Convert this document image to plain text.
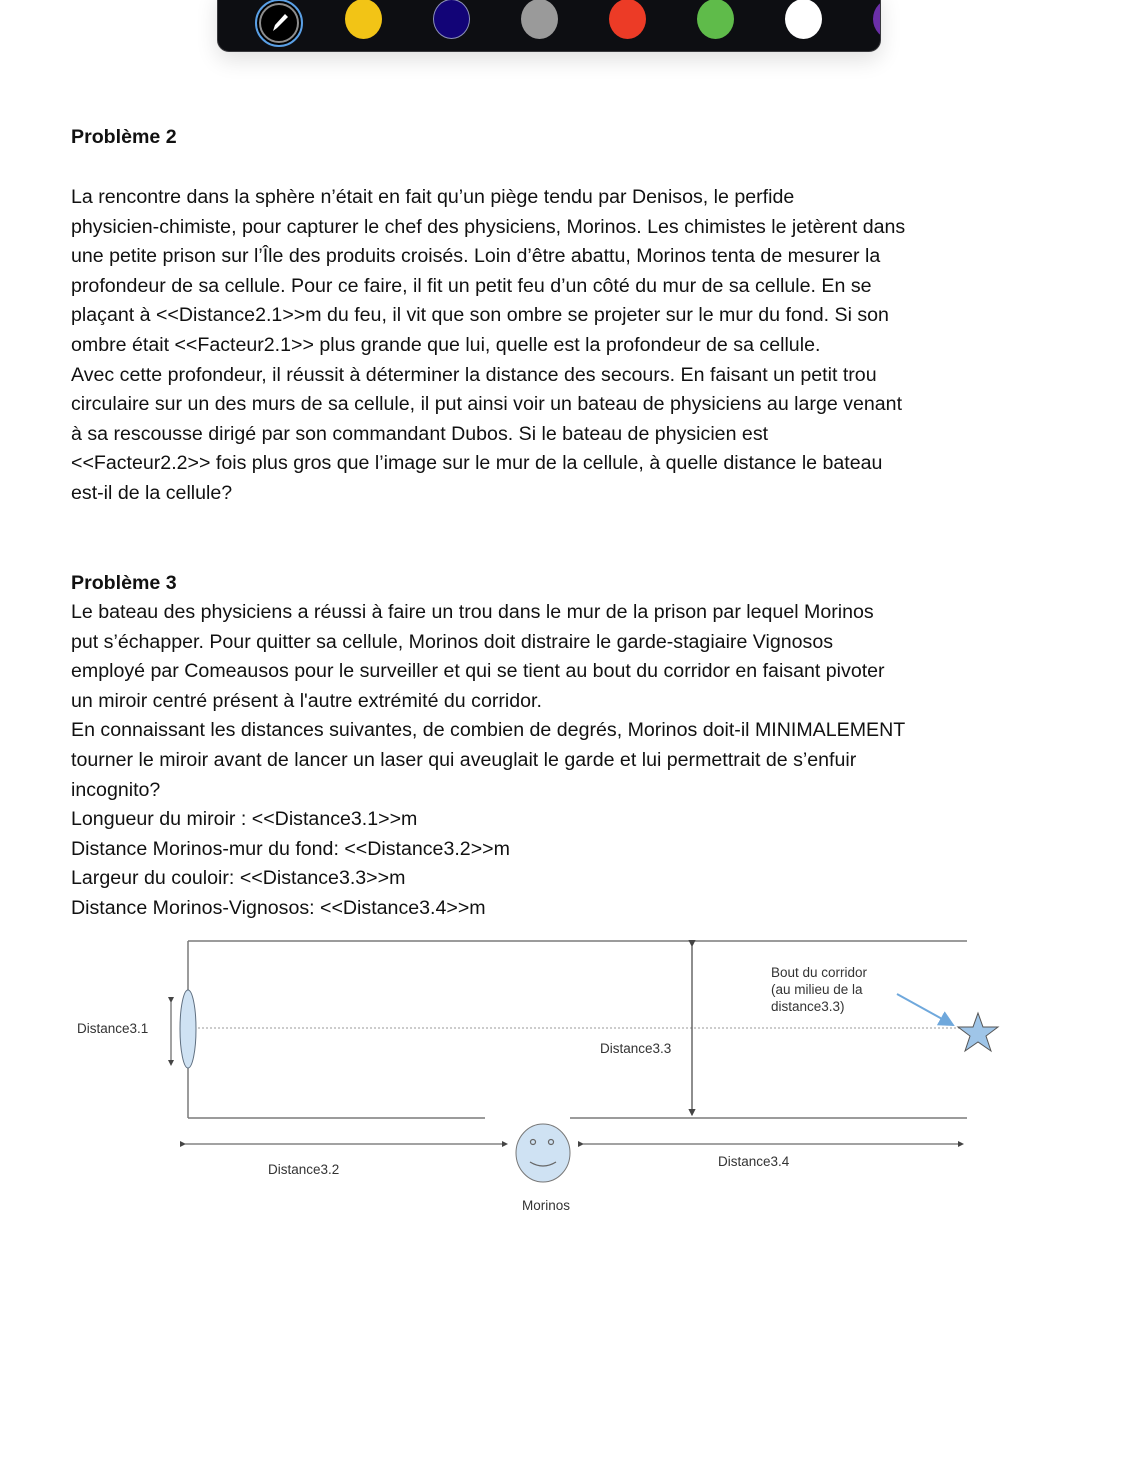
Problème 2

La rencontre dans la sphère n’était en fait qu’un piège tendu par Denisos, le perfide

physicien-chimiste, pour capturer le chef des physiciens, Morinos. Les chimistes le jetèrent dans

une petite prison sur l’Île des produits croisés. Loin d’être abattu, Morinos tenta de mesurer la

profondeur de sa cellule. Pour ce faire, il fit un petit feu d’un côté du mur de sa cellule. En se

plaçant à <<Distance2.1>>m du feu, il vit que son ombre se projeter sur le mur du fond. Si son

ombre était <<Facteur2.1>> plus grande que lui, quelle est la profondeur de sa cellule.

Avec cette profondeur, il réussit à déterminer la distance des secours. En faisant un petit trou

circulaire sur un des murs de sa cellule, il put ainsi voir un bateau de physiciens au large venant

à sa rescousse dirigé par son commandant Dubos. Si le bateau de physicien est

<<Facteur2.2>> fois plus gros que l’image sur le mur de la cellule, à quelle distance le bateau

est-il de la cellule?

Problème 3

Le bateau des physiciens a réussi à faire un trou dans le mur de la prison par lequel Morinos

put s’échapper. Pour quitter sa cellule, Morinos doit distraire le garde-stagiaire Vignosos

employé par Comeausos pour le surveiller et qui se tient au bout du corridor en faisant pivoter

un miroir centré présent à l'autre extrémité du corridor.

En connaissant les distances suivantes, de combien de degrés, Morinos doit-il MINIMALEMENT

tourner le miroir avant de lancer un laser qui aveuglait le garde et lui permettrait de s’enfuir

incognito?

Longueur du miroir : <<Distance3.1>>m

Distance Morinos-mur du fond: <<Distance3.2>>m

Largeur du couloir: <<Distance3.3>>m

Distance Morinos-Vignosos: <<Distance3.4>>m

Distance3.1
Distance3.3
Distance3.2
Distance3.4
Morinos
Bout du corridor
(au milieu de la
distance3.3)
